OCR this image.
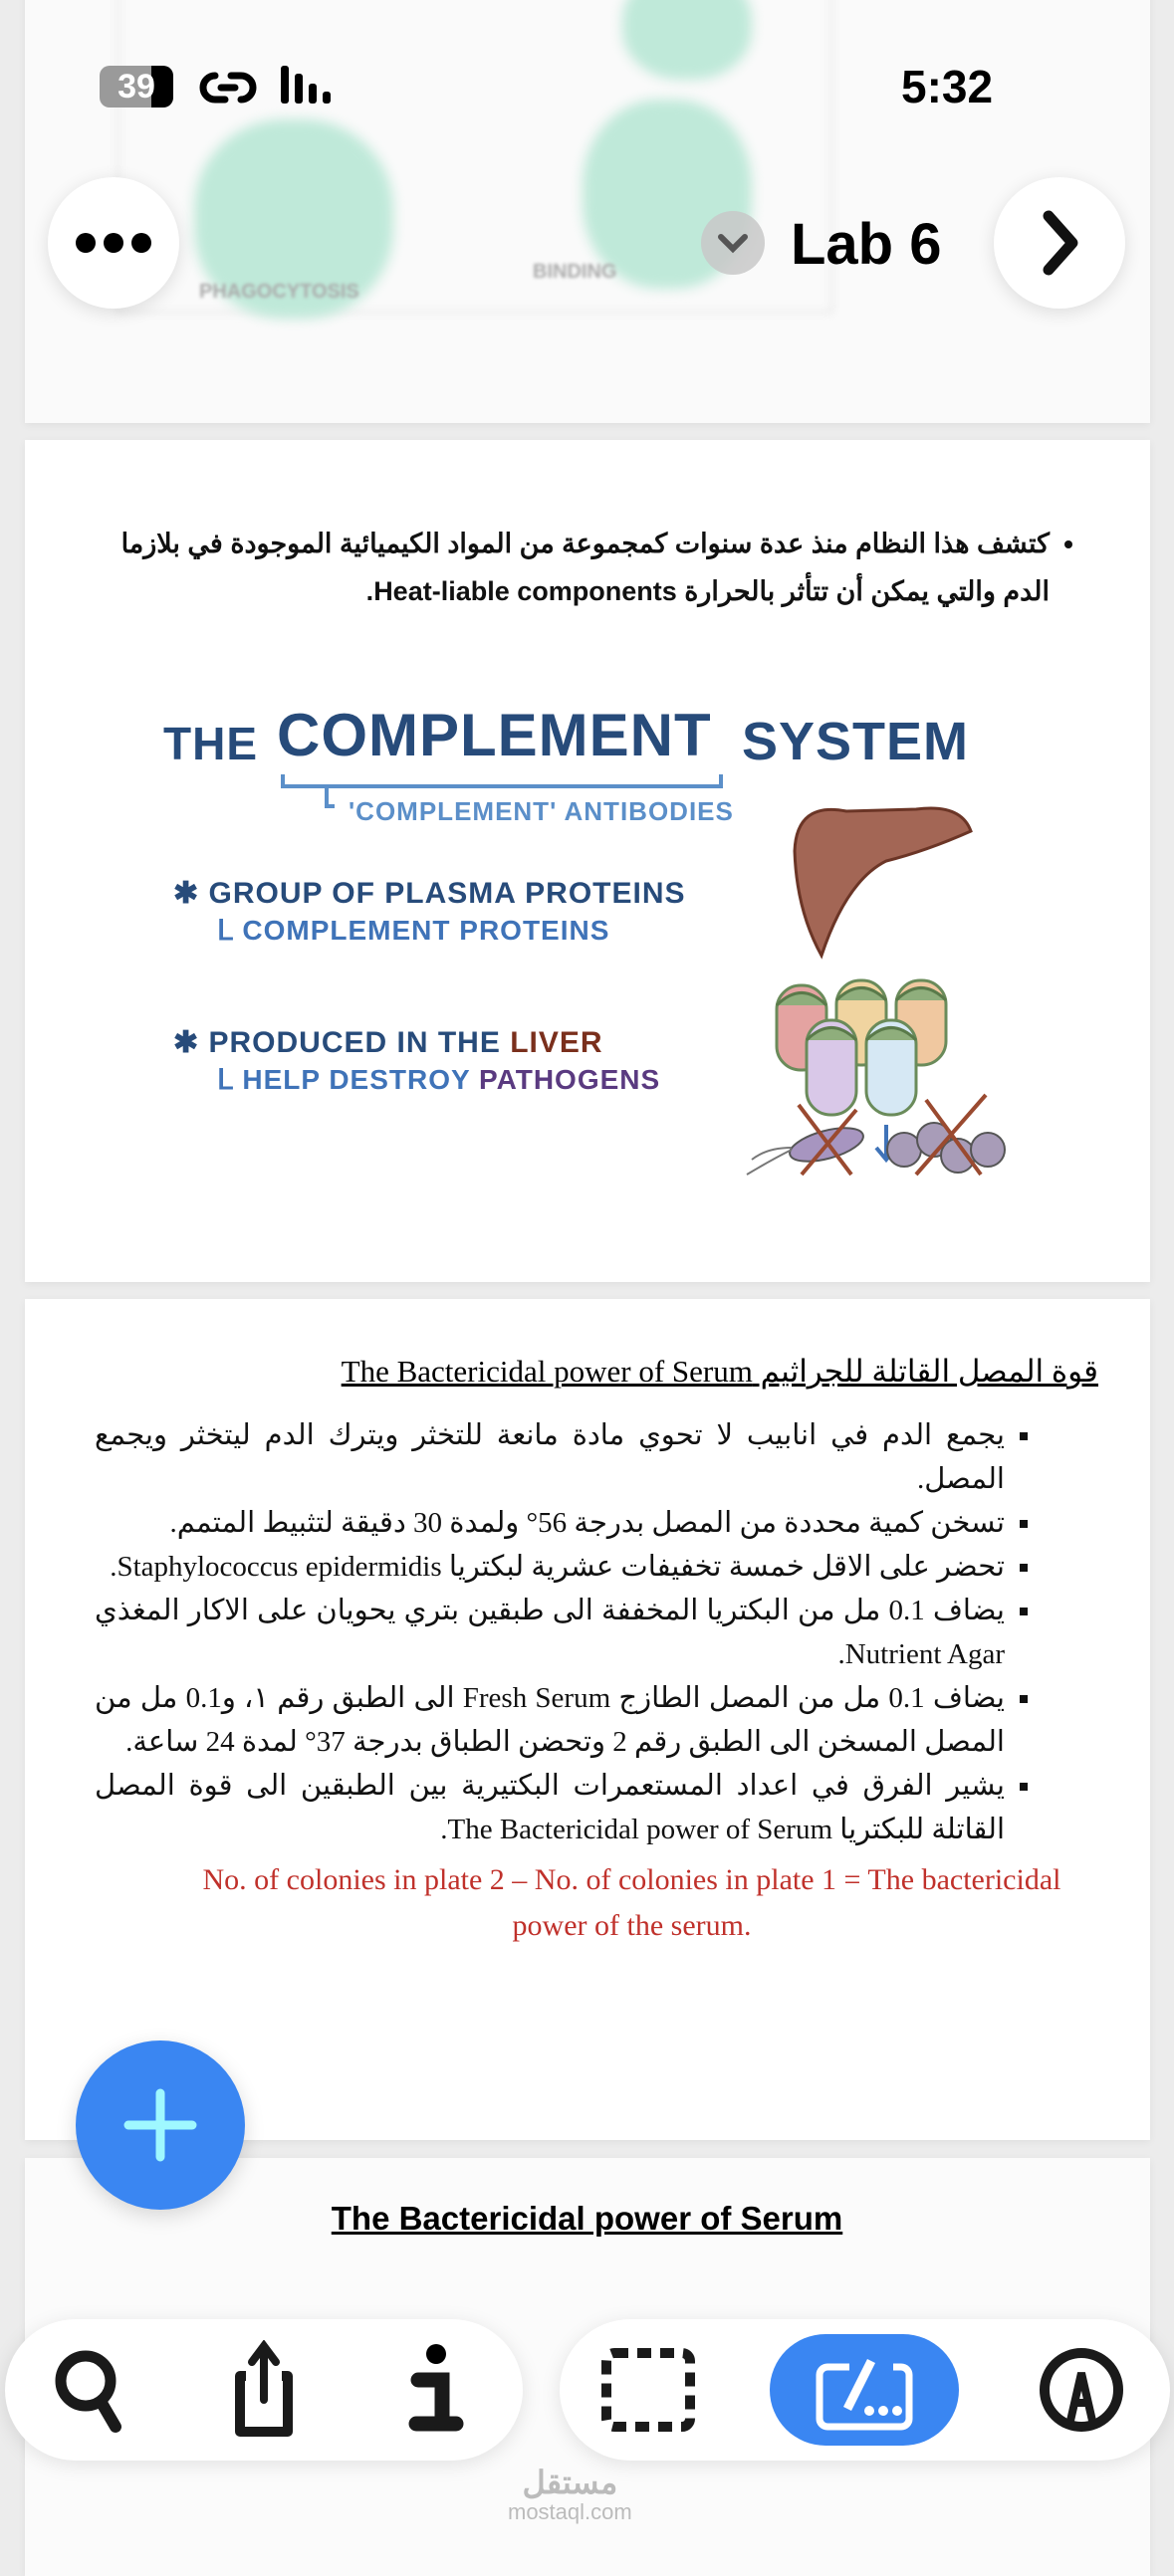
PHAGOCYTOSIS
BINDING
39	5:32
Lab 6
• كتشف هذا النظام منذ عدة سنوات كمجموعة من المواد الكيميائية الموجودة في بلازما الدم والتي يمكن أن تتأثر بالحرارة Heat-liable components.
THE COMPLEMENT SYSTEM
'COMPLEMENT' ANTIBODIES
✱ GROUP OF PLASMA PROTEINS
ᒪ COMPLEMENT PROTEINS
✱ PRODUCED IN THE LIVER
ᒪ HELP DESTROY PATHOGENS
قوة المصل القاتلة للجراثيم The Bactericidal power of Serum
▪ يجمع الدم في انابيب لا تحوي مادة مانعة للتخثر ويترك الدم ليتخثر ويجمع المصل.
▪ تسخن كمية محددة من المصل بدرجة 56° ولمدة 30 دقيقة لتثبيط المتمم.
▪ تحضر على الاقل خمسة تخفيفات عشرية لبكتريا Staphylococcus epidermidis.
▪ يضاف 0.1 مل من البكتريا المخففة الى طبقين بتري يحويان على الاكار المغذي Nutrient Agar.
▪ يضاف 0.1 مل من المصل الطازج Fresh Serum الى الطبق رقم ١، و0.1 مل من المصل المسخن الى الطبق رقم 2 وتحضن الطباق بدرجة 37° لمدة 24 ساعة.
▪ يشير الفرق في اعداد المستعمرات البكتيرية بين الطبقين الى قوة المصل القاتلة للبكتريا The Bactericidal power of Serum.
No. of colonies in plate 2 – No. of colonies in plate 1 = The bactericidal power of the serum.
The Bactericidal power of Serum
مستقل
mostaql.com
